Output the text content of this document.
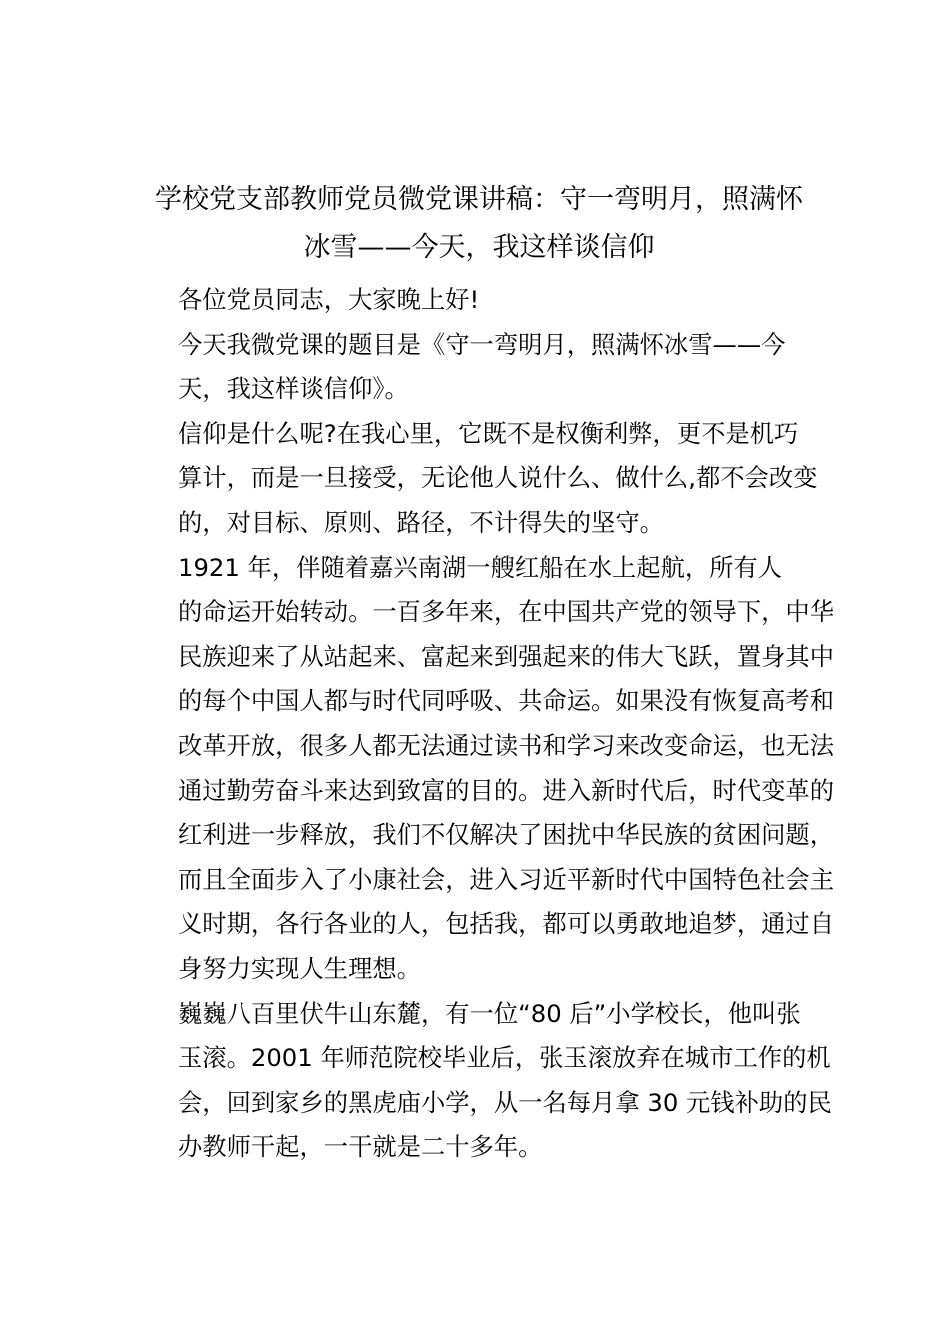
学校党支部教师党员微党课讲稿：守一弯明月，照满怀
冰雪——今天，我这样谈信仰

各位党员同志，大家晚上好!

今天我微党课的题目是《守一弯明月，照满怀冰雪——今
天，我这样谈信仰》。

信仰是什么呢?在我心里，它既不是权衡利弊，更不是机巧
算计，而是一旦接受，无论他人说什么、做什么,都不会改变
的，对目标、原则、路径，不计得失的坚守。

1921 年，伴随着嘉兴南湖一艘红船在水上起航，所有人
的命运开始转动。一百多年来，在中国共产党的领导下，中华
民族迎来了从站起来、富起来到强起来的伟大飞跃，置身其中
的每个中国人都与时代同呼吸、共命运。如果没有恢复高考和
改革开放，很多人都无法通过读书和学习来改变命运，也无法
通过勤劳奋斗来达到致富的目的。进入新时代后，时代变革的
红利进一步释放，我们不仅解决了困扰中华民族的贫困问题，
而且全面步入了小康社会，进入习近平新时代中国特色社会主
义时期，各行各业的人，包括我，都可以勇敢地追梦，通过自
身努力实现人生理想。

巍巍八百里伏牛山东麓，有一位“80 后”小学校长，他叫张
玉滚。2001 年师范院校毕业后，张玉滚放弃在城市工作的机
会，回到家乡的黑虎庙小学，从一名每月拿 30 元钱补助的民
办教师干起，一干就是二十多年。
